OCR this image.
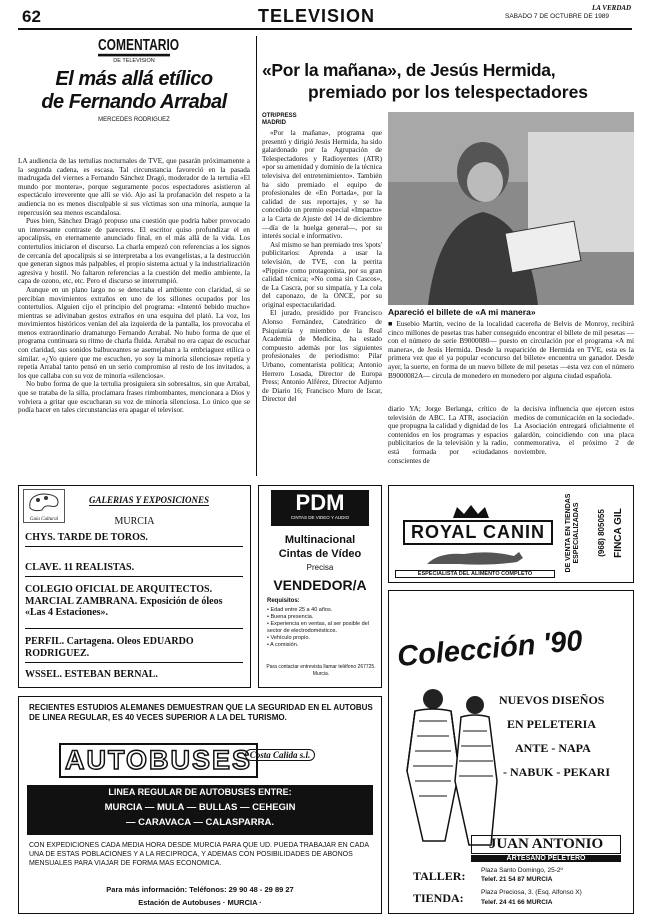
62	TELEVISION	LA VERDAD
SABADO 7 DE OCTUBRE DE 1989
COMENTARIO
DE TELEVISION
El más allá etílico
de Fernando Arrabal
MERCEDES RODRIGUEZ

LA audiencia de las tertulias nocturnales de TVE, que pasarán próximamente a la segunda cadena, es escasa. Tal circunstancia favoreció en la pasada madrugada del viernes a Fernando Sánchez Dragó, moderador de la tertulia «El mundo por montera», porque seguramente pocos espectadores asistieron al espectáculo irreverente que allí se vió. Ajo así la profanación del respeto a la audiencia no es menos disculpable si sus víctimas son una minoría, aunque la repercusión sea menos escandalosa.

Pues bien, Sánchez Dragó propuso una cuestión que podría haber provocado un interesante contraste de pareceres. El escritor quiso profundizar el en apocalipsis, en eternamente anunciado final, en el más allá de la vida. Los contertulios iniciaron el discurso. La charla empezó con referencias a los signos de cercanía del apocalipsis si se interpretaba a los evangelistas, a la destrucción que generan signos más palpables, el propio sistema actual y la industrialización agresiva y hostil. No faltaron referencias a la cuestión del medio ambiente, la capa de ozono, etc, etc. Pero el discurso se interrumpió.

Aunque en un plano largo no se detectaba el ambiente con claridad, si se percibían movimientos extraños en uno de los sillones ocupados por los contertulios. Alguien cijo el principio del programa: «Intentó bebido mucho» mientras se adivinaban gestos extraños en una esquina del plató. La voz, los movimientos históricos venían del ala izquierda de la pantalla, los provocaba el menos extraordinario dramaturgo Fernando Arrabal. No hubo forma de que el programa continuara su ritmo de charla fluida. Arrabal no era capaz de escuchar con claridad, sus sonidos balbuceantes se asemejaban a la embriaguez etílica o similar. «¿Yo quiere que me escuchen, yo soy la minoría silenciosa» repetía y repetía Arrabal tanto pensó en un serio compromiso al resto de los invitados, a los que callaba con su voz de minoría «silenciosa».

No hubo forma de que la tertulia prosiguiera sin sobresaltos, sin que Arrabal, que se trataba de la silla, proclamara frases rimbombantes, mencionara a Dios y volviera a gritar que escucharan su voz de minoría silenciosa. Lo único que se podía hacer en tales circunstancias era apagar el televisor.

«Por la mañana», de Jesús Hermida,
premiado por los telespectadores
OTR/PRESS
MADRID

«Por la mañana», programa que presentó y dirigió Jesús Hermida, ha sido galardonado por la Agrupación de Telespectadores y Radioyentes (ATR) «por su amenidad y dominio de la técnica televisiva del entretenimiento». También ha sido premiado el equipo de profesionales de «En Portada», por la calidad de sus reportajes, y se ha concedido un premio especial «Impacto» a la Carta de Ajuste del 14 de diciembre —día de la huelga general—, por su interés social e informativo.

Así mismo se han premiado tres 'spots' publicitarios: Aprenda a usar la televisión, de TVE, con la perrita «Pippin» como protagonista, por su gran calidad técnica; «No coma sin Cascos», de La Cascra, por su simpatía, y La cola del caponazo, de la ONCE, por su original espectacularidad.

El jurado, presidido por Francisco Alonso Fernández, Catedrático de Psiquiatría y miembro de la Real Academia de Medicina, ha estado compuesto además por los siguientes profesionales de periodismo: Pilar Urbano, comentarista política; Antonio Herrero Losada, Director de Europa Press; Antonio Alférez, Director Adjunto de Diario 16; Francisco Muro de Iscar, Director del

Apareció el billete de «A mi manera»
■ Eusebio Martín, vecino de la localidad cacereña de Belvis de Monroy, recibirá cinco millones de pesetas tras haber conseguido encontrar el billete de mil pesetas —con el número de serie B9000080— puesto en circulación por el programa «A mi manera», de Jesús Hermida. Desde la reaparición de Hermida en TVE, esta es la primera vez que el ya popular «concurso del billete» encuentra un ganador. Desde ayer, la suerte, en forma de un nuevo billete de mil pesetas —esta vez con el número B9000082A— circula de monedero en monedero por alguna ciudad española.
diario YA; Jorge Berlanga, crítico de televisión de ABC. La ATR, asociación que propugna la calidad y dignidad de los contenidos en los programas y espacios publicitarios de la televisión y la radio, está formada por «ciudadanos conscientes de
la decisiva influencia que ejercen estos medios de comunicación en la sociedad». La Asociación entregará oficialmente el galardón, coincidiendo con una placa conmemorativa, el próximo 2 de noviembre.
Guía Cultural
GALERIAS Y EXPOSICIONES
MURCIA
CHYS. TARDE DE TOROS.
CLAVE. 11 REALISTAS.
COLEGIO OFICIAL DE ARQUITECTOS. MARCIAL ZAMBRANA. Exposición de óleos «Las 4 Estaciones».
PERFIL. Cartagena. Oleos EDUARDO RODRIGUEZ.
WSSEL. ESTEBAN BERNAL.
PDM
CINTAS DE VIDEO Y AUDIO
Multinacional
Cintas de Vídeo
Precisa
VENDEDOR/A
Requisitos:
• Edad entre 25 a 40 años.
• Buena presencia.
• Experiencia en ventas, al ser posible del sector de electrodomésticos.
• Vehículo propio.
• A comisión.
Para contactar entrevista llamar teléfono 267725. Murcia.
ROYAL CANIN
ESPECIALISTA DEL ALIMENTO COMPLETO
DE VENTA EN TIENDAS ESPECIALIZADAS (968) 805055 FINCA GIL
Colección '90
NUEVOS DISEÑOS
EN PELETERIA
ANTE - NAPA
- NABUK - PEKARI
JUAN ANTONIO
ARTESANO PELETERO
TALLER: Plaza Santo Domingo, 25-2º
Telef. 21 54 87 MURCIA
TIENDA:	Plaza Preciosa, 3. (Esq. Alfonso X)
Telef. 24 41 66 MURCIA
RECIENTES ESTUDIOS ALEMANES DEMUESTRAN QUE LA SEGURIDAD EN EL AUTOBUS DE LINEA REGULAR, ES 40 VECES SUPERIOR A LA DEL TURISMO.
AUTOBUSES
Costa Calida s.l.
LINEA REGULAR DE AUTOBUSES ENTRE:
MURCIA — MULA — BULLAS — CEHEGIN
— CARAVACA — CALASPARRA.
CON EXPEDICIONES CADA MEDIA HORA DESDE MURCIA PARA QUE UD. PUEDA TRABAJAR EN CADA UNA DE ESTAS POBLACIONES Y A LA RECIPROCA, Y ADEMAS CON POSIBILIDADES DE ABONOS MENSUALES PARA VIAJAR DE FORMA MAS ECONOMICA.
Para más información: Teléfonos: 29 90 48 - 29 89 27
Estación de Autobuses · MURCIA ·
